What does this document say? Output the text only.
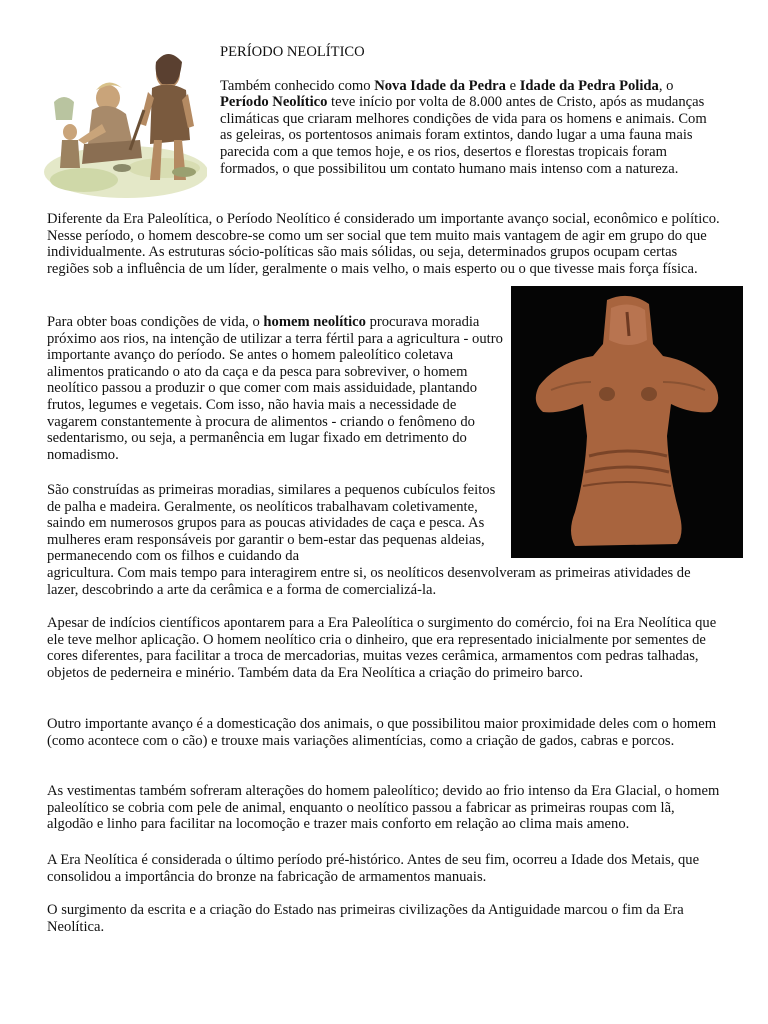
PERÍODO NEOLÍTICO

Também conhecido como Nova Idade da Pedra e Idade da Pedra Polida, o Período Neolítico teve início por volta de 8.000 antes de Cristo, após as mudanças climáticas que criaram melhores condições de vida para os homens e animais. Com as geleiras, os portentosos animais foram extintos, dando lugar a uma fauna mais parecida com a que temos hoje, e os rios, desertos e florestas tropicais foram formados, o que possibilitou um contato humano mais intenso com a natureza.

Diferente da Era Paleolítica, o Período Neolítico é considerado um importante avanço social, econômico e político. Nesse período, o homem descobre-se como um ser social que tem muito mais vantagem de agir em grupo do que individualmente. As estruturas sócio-políticas são mais sólidas, ou seja, determinados grupos ocupam certas regiões sob a influência de um líder, geralmente o mais velho, o mais esperto ou o que tivesse mais força física.

Para obter boas condições de vida, o homem neolítico procurava moradia próximo aos rios, na intenção de utilizar a terra fértil para a agricultura - outro importante avanço do período. Se antes o homem paleolítico coletava alimentos praticando o ato da caça e da pesca para sobreviver, o homem neolítico passou a produzir o que comer com mais assiduidade, plantando frutos, legumes e vegetais. Com isso, não havia mais a necessidade de vagarem constantemente à procura de alimentos - criando o fenômeno do sedentarismo, ou seja, a permanência em lugar fixado em detrimento do nomadismo.

São construídas as primeiras moradias, similares a pequenos cubículos feitos de palha e madeira. Geralmente, os neolíticos trabalhavam coletivamente, saindo em numerosos grupos para as poucas atividades de caça e pesca. As mulheres eram responsáveis por garantir o bem-estar das pequenas aldeias, permanecendo com os filhos e cuidando da

agricultura. Com mais tempo para interagirem entre si, os neolíticos desenvolveram as primeiras atividades de lazer, descobrindo a arte da cerâmica e a forma de comercializá-la.

Apesar de indícios científicos apontarem para a Era Paleolítica o surgimento do comércio, foi na Era Neolítica que ele teve melhor aplicação. O homem neolítico cria o dinheiro, que era representado inicialmente por sementes de cores diferentes, para facilitar a troca de mercadorias, muitas vezes cerâmica, armamentos com pedras talhadas, objetos de pederneira e minério. Também data da Era Neolítica a criação do primeiro barco.

Outro importante avanço é a domesticação dos animais, o que possibilitou maior proximidade deles com o homem (como acontece com o cão) e trouxe mais variações alimentícias, como a criação de gados, cabras e porcos.

As vestimentas também sofreram alterações do homem paleolítico; devido ao frio intenso da Era Glacial, o homem paleolítico se cobria com pele de animal, enquanto o neolítico passou a fabricar as primeiras roupas com lã, algodão e linho para facilitar na locomoção e trazer mais conforto em relação ao clima mais ameno.

A Era Neolítica é considerada o último período pré-histórico. Antes de seu fim, ocorreu a Idade dos Metais, que consolidou a importância do bronze na fabricação de armamentos manuais.

O surgimento da escrita e a criação do Estado nas primeiras civilizações da Antiguidade marcou o fim da Era Neolítica.
